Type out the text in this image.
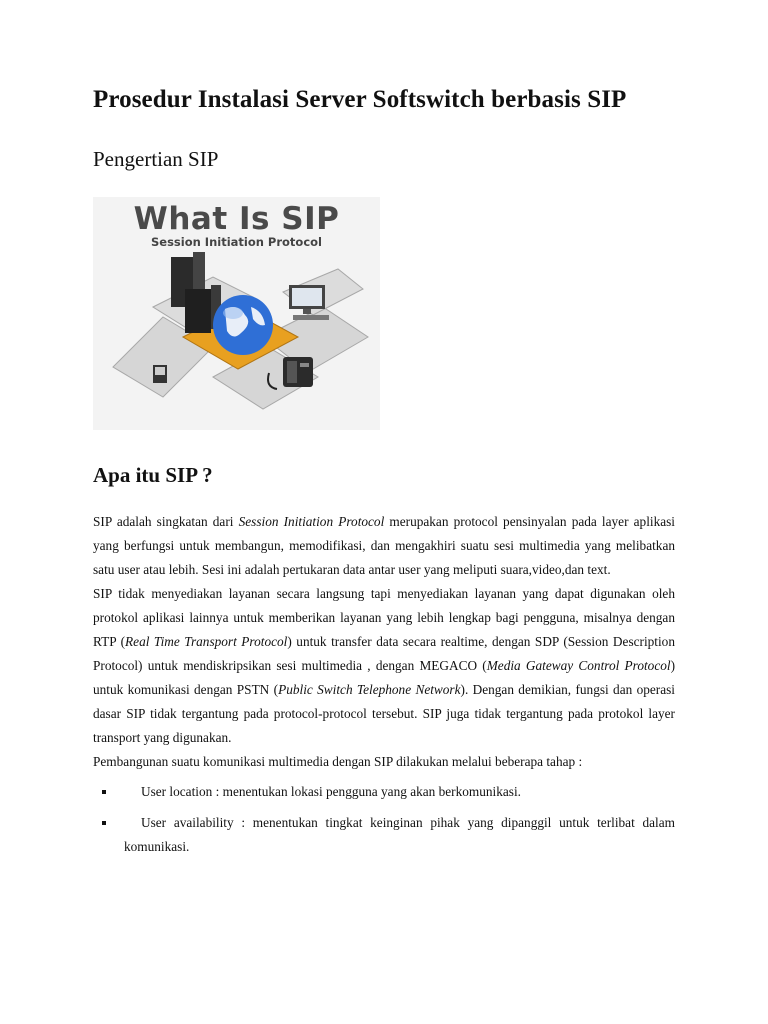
Prosedur Instalasi Server Softswitch berbasis SIP
Pengertian SIP
What Is SIP
Session Initiation Protocol
Apa itu SIP ?

SIP adalah singkatan dari Session Initiation Protocol merupakan protocol pensinyalan pada layer aplikasi yang berfungsi untuk membangun, memodifikasi, dan mengakhiri suatu sesi multimedia yang melibatkan satu user atau lebih. Sesi ini adalah pertukaran data antar user yang meliputi suara,video,dan text.

SIP tidak menyediakan layanan secara langsung tapi menyediakan layanan yang dapat digunakan oleh protokol aplikasi lainnya untuk memberikan layanan yang lebih lengkap bagi pengguna, misalnya dengan RTP (Real Time Transport Protocol) untuk transfer data secara realtime, dengan SDP (Session Description Protocol) untuk mendiskripsikan sesi multimedia , dengan MEGACO (Media Gateway Control Protocol) untuk komunikasi dengan PSTN (Public Switch Telephone Network). Dengan demikian, fungsi dan operasi dasar SIP tidak tergantung pada protocol-protocol tersebut. SIP juga tidak tergantung pada protokol layer transport yang digunakan.

Pembangunan suatu komunikasi multimedia dengan SIP dilakukan melalui beberapa tahap :

User location : menentukan lokasi pengguna yang akan berkomunikasi.
User availability : menentukan tingkat keinginan pihak yang dipanggil untuk terlibat dalam komunikasi.
